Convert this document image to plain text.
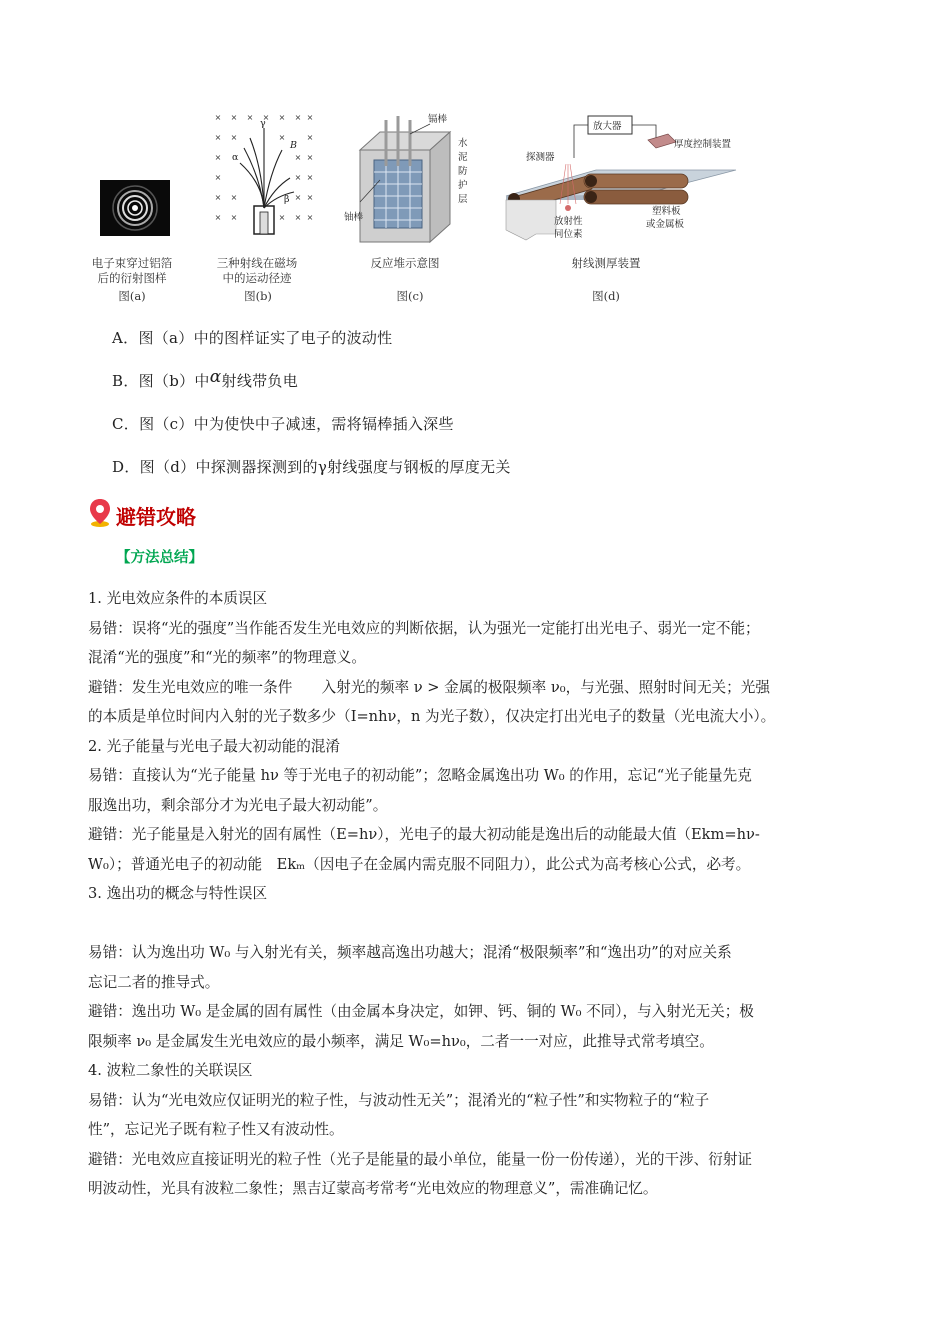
电子束穿过铝箔
后的衍射图样
图(a)
× × × × × × ×
× ×	×	×
×	× ×
×	× ×
× ×	× ×
× ×	× × ×
γ
α
β
B
三种射线在磁场
中的运动径迹
图(b)
镉棒
铀棒
水
泥
防
护
层
反应堆示意图
图(c)
放大器
厚度控制装置
探测器
放射性
同位素
塑料板
或金属板
射线测厚装置
图(d)
A．图（a）中的图样证实了电子的波动性
B．图（b）中α射线带负电
C．图（c）中为使快中子减速，需将镉棒插入深些
D．图（d）中探测器探测到的γ射线强度与钢板的厚度无关
避错攻略
【方法总结】

1. 光电效应条件的本质误区

易错：误将“光的强度”当作能否发生光电效应的判断依据，认为强光一定能打出光电子、弱光一定不能；

混淆“光的强度”和“光的频率”的物理意义。

避错：发生光电效应的唯一条件　　入射光的频率 ν > 金属的极限频率 ν₀，与光强、照射时间无关；光强

的本质是单位时间内入射的光子数多少（I=nhν，n 为光子数），仅决定打出光电子的数量（光电流大小）。

2. 光子能量与光电子最大初动能的混淆

易错：直接认为“光子能量 hν 等于光电子的初动能”；忽略金属逸出功 W₀ 的作用，忘记“光子能量先克

服逸出功，剩余部分才为光电子最大初动能”。

避错：光子能量是入射光的固有属性（E=hν），光电子的最大初动能是逸出后的动能最大值（Ekm=hν-

W₀）；普通光电子的初动能　Ekₘ（因电子在金属内需克服不同阻力），此公式为高考核心公式，必考。

3. 逸出功的概念与特性误区

易错：认为逸出功 W₀ 与入射光有关，频率越高逸出功越大；混淆“极限频率”和“逸出功”的对应关系

忘记二者的推导式。

避错：逸出功 W₀ 是金属的固有属性（由金属本身决定，如钾、钙、铜的 W₀ 不同），与入射光无关；极

限频率 ν₀ 是金属发生光电效应的最小频率，满足 W₀=hν₀，二者一一对应，此推导式常考填空。

4. 波粒二象性的关联误区

易错：认为“光电效应仅证明光的粒子性，与波动性无关”；混淆光的“粒子性”和实物粒子的“粒子

性”，忘记光子既有粒子性又有波动性。

避错：光电效应直接证明光的粒子性（光子是能量的最小单位，能量一份一份传递），光的干涉、衍射证

明波动性，光具有波粒二象性；黑吉辽蒙高考常考“光电效应的物理意义”，需准确记忆。
